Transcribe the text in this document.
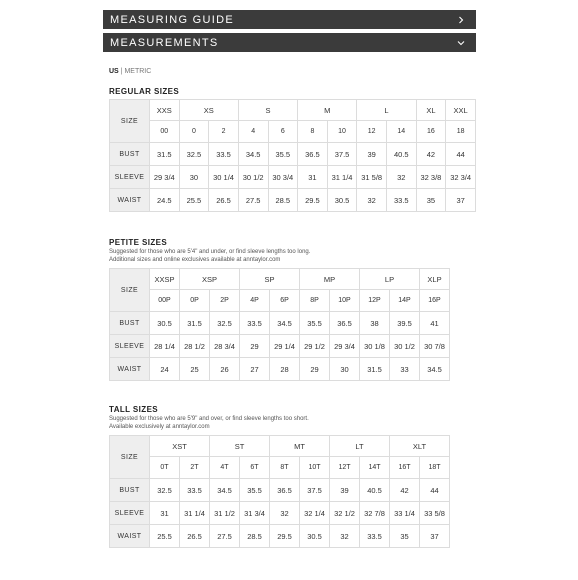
MEASURING GUIDE
MEASUREMENTS
US | METRIC
REGULAR SIZES
SIZE	XXS	XS		S		M		L		XL	XXL
	00	0	2	4	6	8	10	12	14	16	18
BUST	31.5	32.5	33.5	34.5	35.5	36.5	37.5	39	40.5	42	44
SLEEVE	29 3/4	30	30 1/4	30 1/2	30 3/4	31	31 1/4	31 5/8	32	32 3/8	32 3/4
WAIST	24.5	25.5	26.5	27.5	28.5	29.5	30.5	32	33.5	35	37
PETITE SIZES
Suggested for those who are 5'4" and under, or find sleeve lengths too long.
Additional sizes and online exclusives available at anntaylor.com
SIZE	XXSP	XSP		SP		MP		LP		XLP
	00P	0P	2P	4P	6P	8P	10P	12P	14P	16P
BUST	30.5	31.5	32.5	33.5	34.5	35.5	36.5	38	39.5	41
SLEEVE	28 1/4	28 1/2	28 3/4	29	29 1/4	29 1/2	29 3/4	30 1/8	30 1/2	30 7/8
WAIST	24	25	26	27	28	29	30	31.5	33	34.5
TALL SIZES
Suggested for those who are 5'9" and over, or find sleeve lengths too short.
Available exclusively at anntaylor.com
SIZE	XST		ST		MT		LT		XLT	
	0T	2T	4T	6T	8T	10T	12T	14T	16T	18T
BUST	32.5	33.5	34.5	35.5	36.5	37.5	39	40.5	42	44
SLEEVE	31	31 1/4	31 1/2	31 3/4	32	32 1/4	32 1/2	32 7/8	33 1/4	33 5/8
WAIST	25.5	26.5	27.5	28.5	29.5	30.5	32	33.5	35	37
